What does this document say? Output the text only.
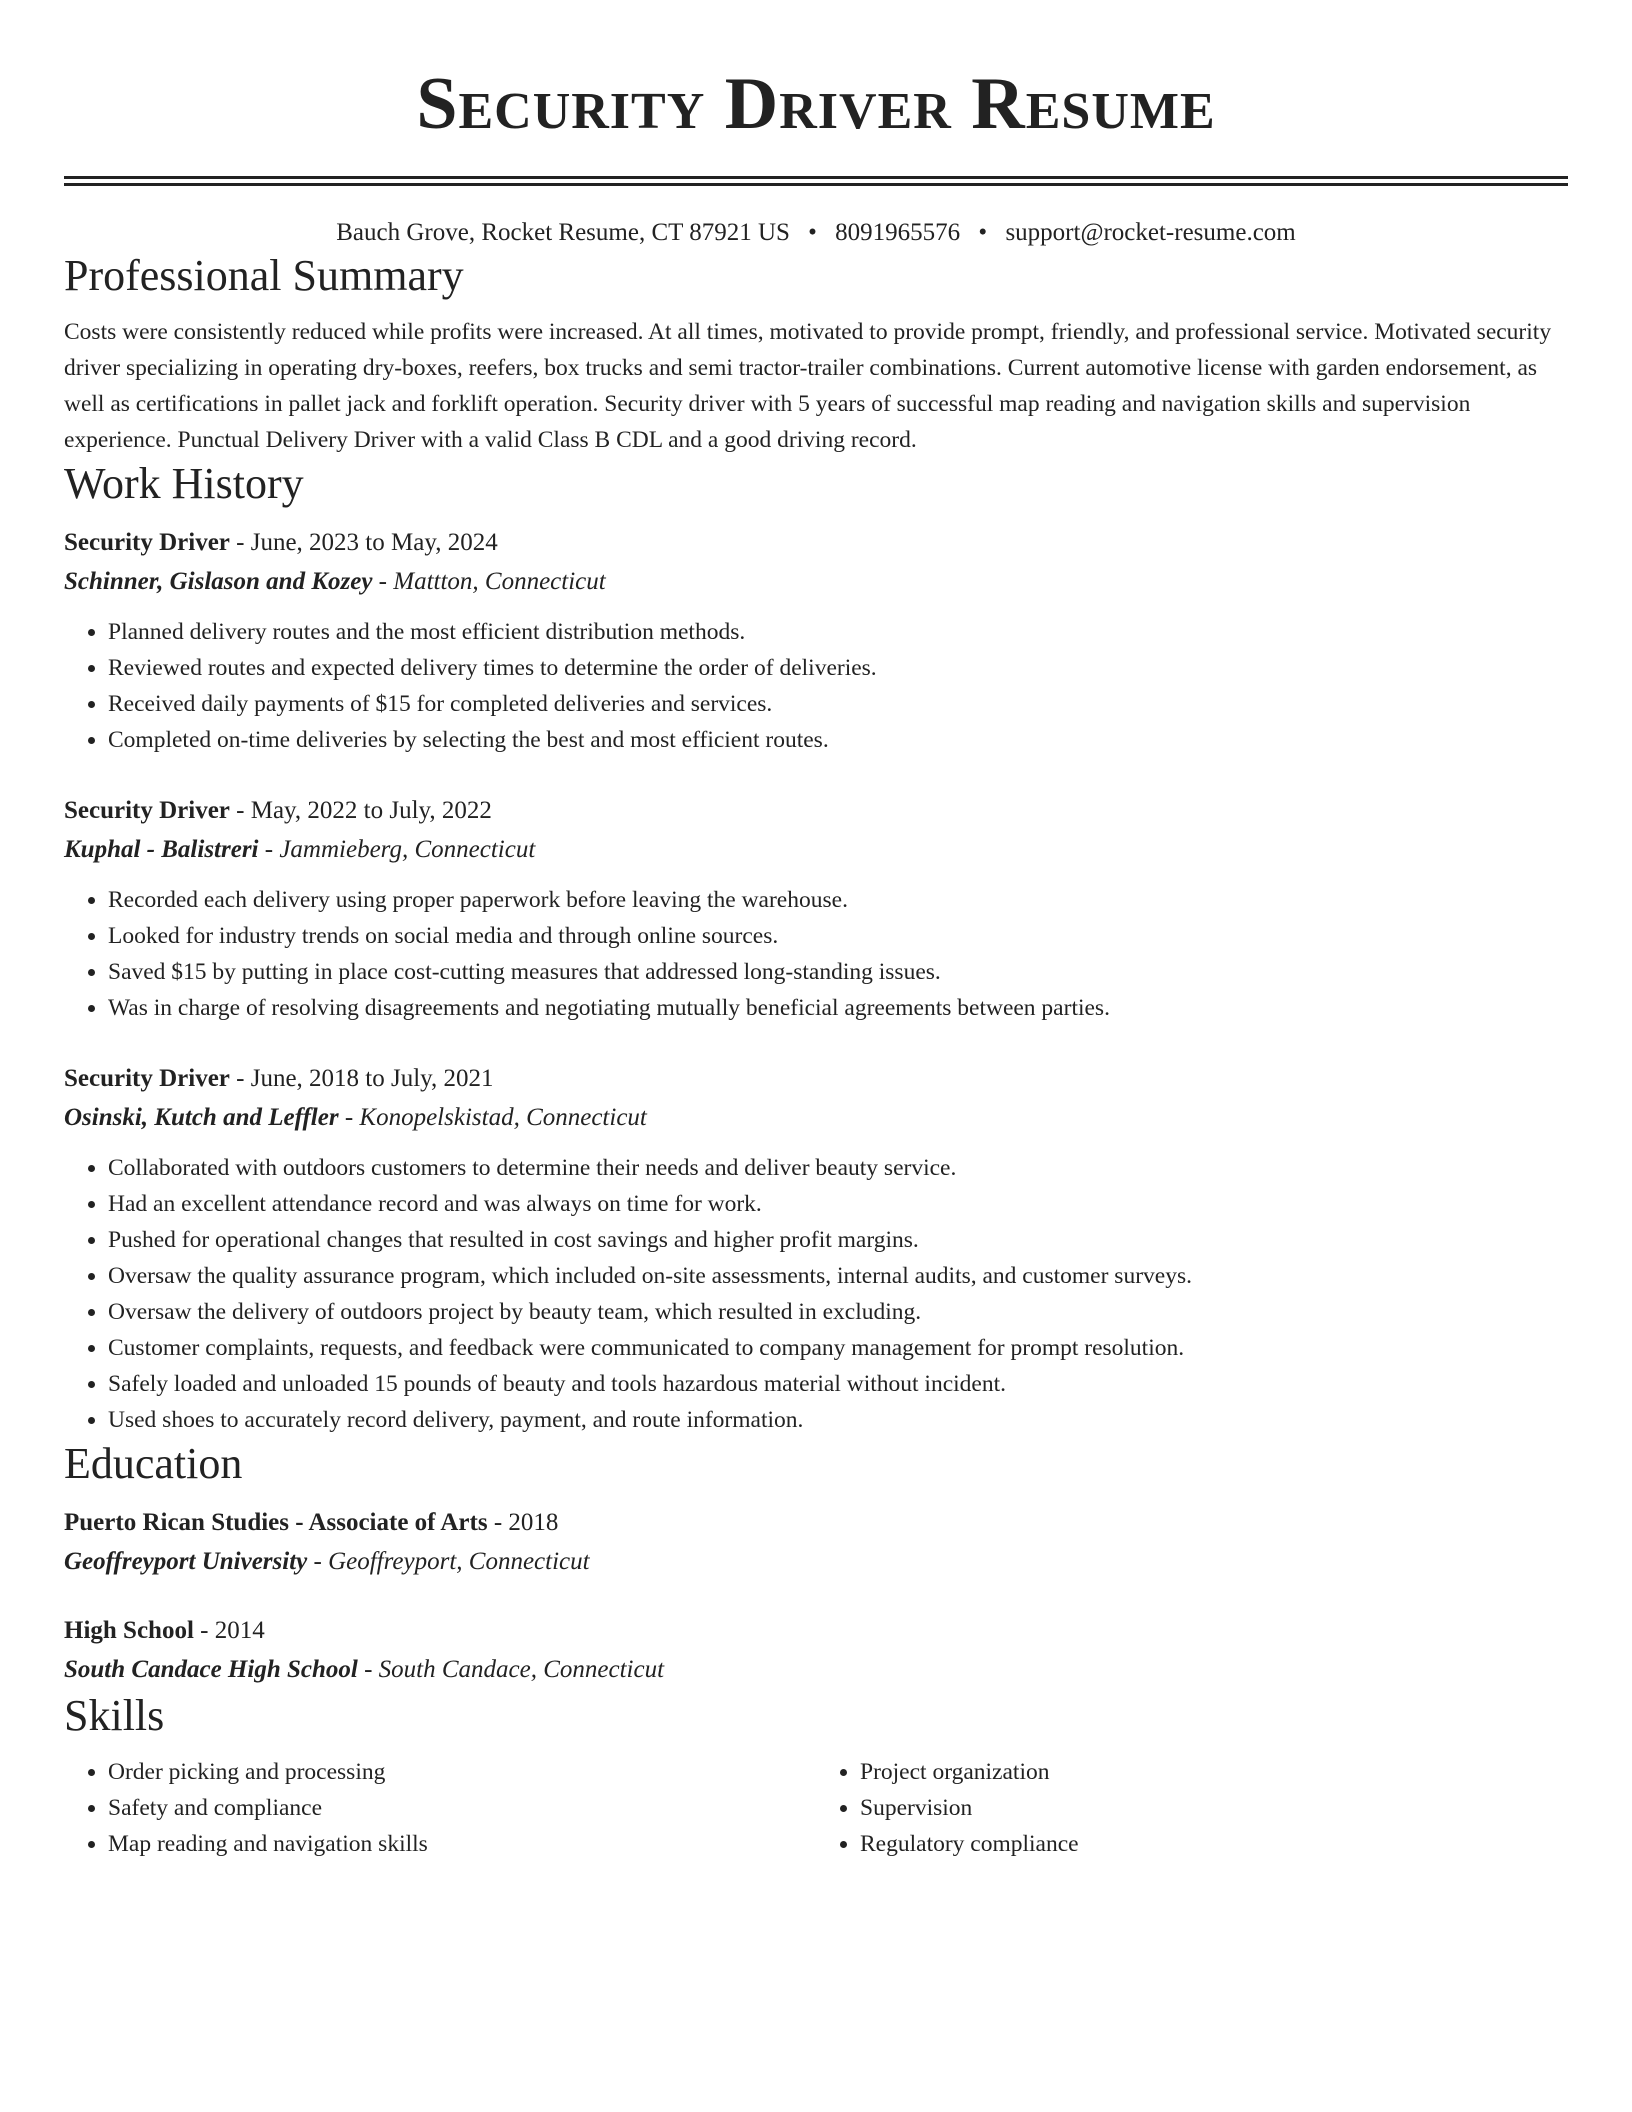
Security Driver Resume
Bauch Grove, Rocket Resume, CT 87921 US • 8091965576 • support@rocket-resume.com
Professional Summary

Costs were consistently reduced while profits were increased. At all times, motivated to provide prompt, friendly, and professional service. Motivated security driver specializing in operating dry-boxes, reefers, box trucks and semi tractor-trailer combinations. Current automotive license with garden endorsement, as well as certifications in pallet jack and forklift operation. Security driver with 5 years of successful map reading and navigation skills and supervision experience. Punctual Delivery Driver with a valid Class B CDL and a good driving record.

Work History
Security Driver - June, 2023 to May, 2024
Schinner, Gislason and Kozey - Mattton, Connecticut
• Planned delivery routes and the most efficient distribution methods.
• Reviewed routes and expected delivery times to determine the order of deliveries.
• Received daily payments of $15 for completed deliveries and services.
• Completed on-time deliveries by selecting the best and most efficient routes.
Security Driver - May, 2022 to July, 2022
Kuphal - Balistreri - Jammieberg, Connecticut
• Recorded each delivery using proper paperwork before leaving the warehouse.
• Looked for industry trends on social media and through online sources.
• Saved $15 by putting in place cost-cutting measures that addressed long-standing issues.
• Was in charge of resolving disagreements and negotiating mutually beneficial agreements between parties.
Security Driver - June, 2018 to July, 2021
Osinski, Kutch and Leffler - Konopelskistad, Connecticut
• Collaborated with outdoors customers to determine their needs and deliver beauty service.
• Had an excellent attendance record and was always on time for work.
• Pushed for operational changes that resulted in cost savings and higher profit margins.
• Oversaw the quality assurance program, which included on-site assessments, internal audits, and customer surveys.
• Oversaw the delivery of outdoors project by beauty team, which resulted in excluding.
• Customer complaints, requests, and feedback were communicated to company management for prompt resolution.
• Safely loaded and unloaded 15 pounds of beauty and tools hazardous material without incident.
• Used shoes to accurately record delivery, payment, and route information.
Education
Puerto Rican Studies - Associate of Arts - 2018
Geoffreyport University - Geoffreyport, Connecticut
High School - 2014
South Candace High School - South Candace, Connecticut
Skills
• Order picking and processing
• Safety and compliance
• Map reading and navigation skills
• Project organization
• Supervision
• Regulatory compliance
